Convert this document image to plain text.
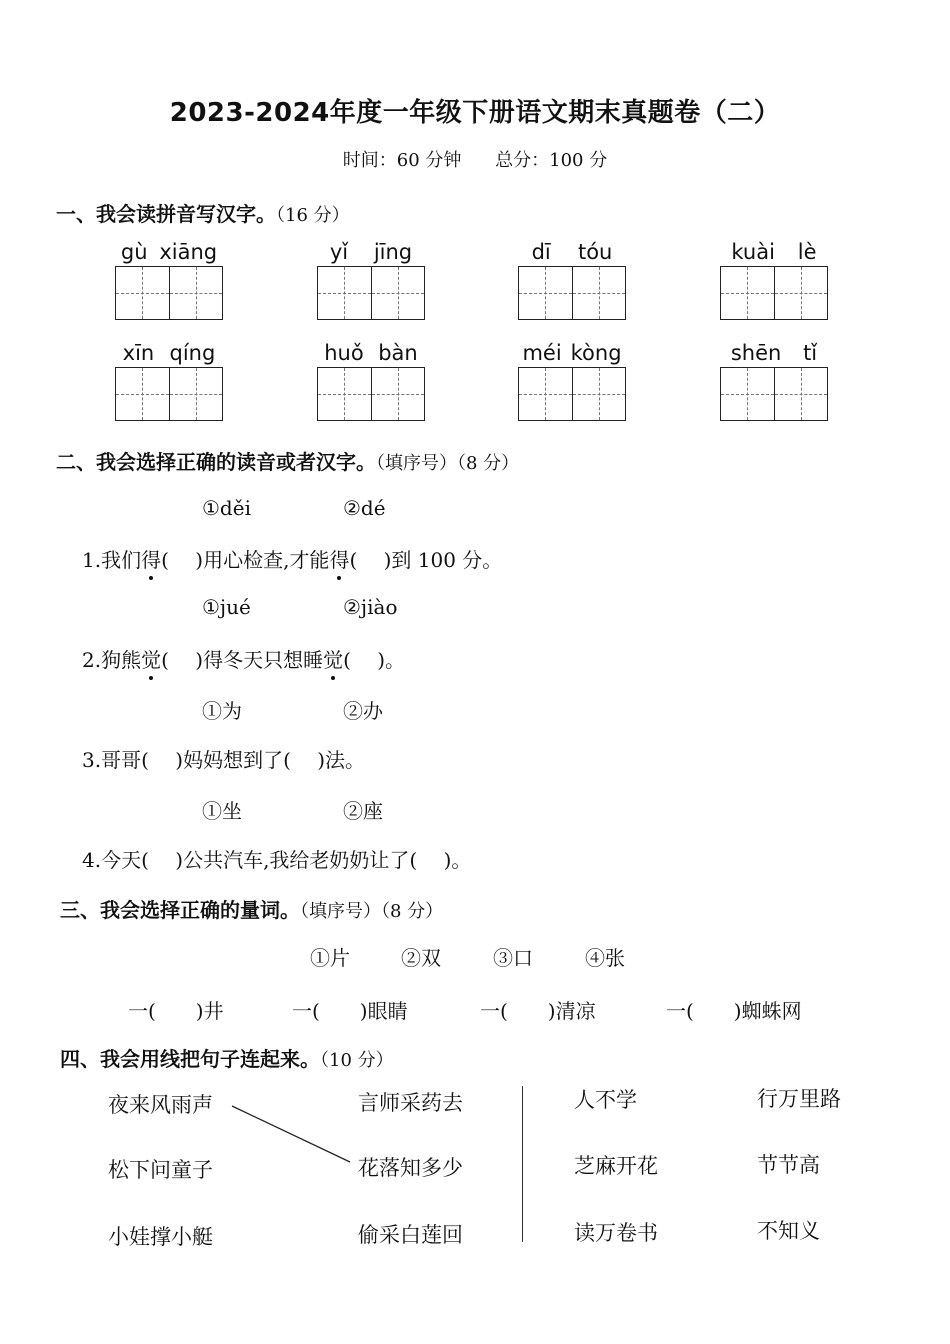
2023-2024年度一年级下册语文期末真题卷（二）
时间：60 分钟 总分：100 分
一、我会读拼音写汉字。（16 分）
gù xiāng	yǐ jīng	dī tóu	kuài lè
xīn qíng	huǒ bàn	méi kòng	shēn tǐ
二、我会选择正确的读音或者汉字。（填序号）（8 分）
①děi	②dé
1.我们得(　 )用心检查,才能得(　 )到 100 分。
①jué	②jiào
2.狗熊觉(　 )得冬天只想睡觉(　 )。
①为	②办
3.哥哥(　 )妈妈想到了(　 )法。
①坐	②座
4.今天(　 )公共汽车,我给老奶奶让了(　 )。
三、我会选择正确的量词。（填序号）（8 分）
①片	②双	③口	④张
一(　　)井	一(　　)眼睛	一(　　)清凉	一(　　)蜘蛛网
四、我会用线把句子连起来。（10 分）
夜来风雨声
松下问童子
小娃撑小艇
言师采药去
花落知多少
偷采白莲回
人不学
芝麻开花
读万卷书
行万里路
节节高
不知义
